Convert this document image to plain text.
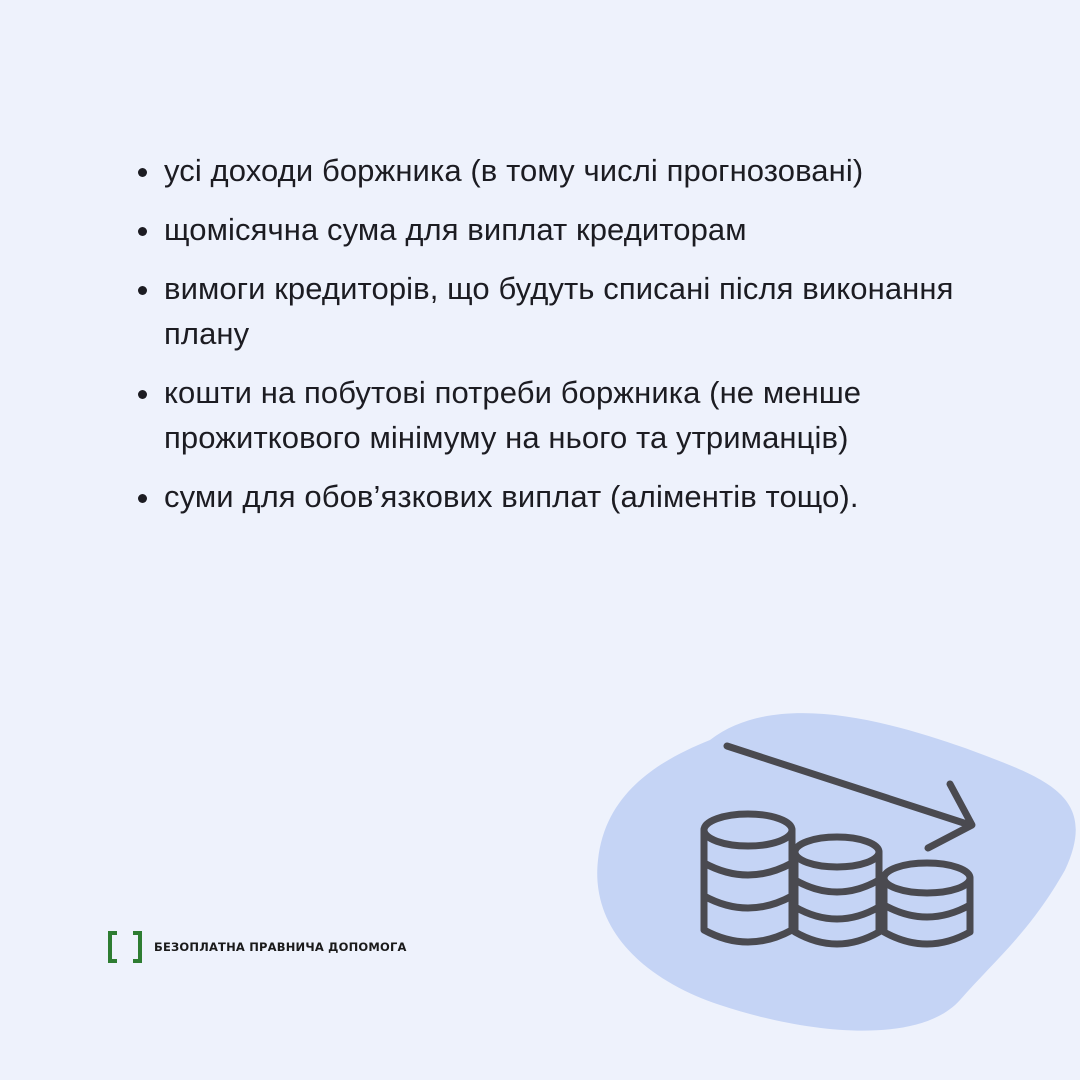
усі доходи боржника (в тому числі прогнозовані)
щомісячна сума для виплат кредиторам
вимоги кредиторів, що будуть списані після виконання плану
кошти на побутові потреби боржника (не менше прожиткового мінімуму на нього та утриманців)
суми для обов’язкових виплат (аліментів тощо).
БЕЗОПЛАТНА ПРАВНИЧА ДОПОМОГА
